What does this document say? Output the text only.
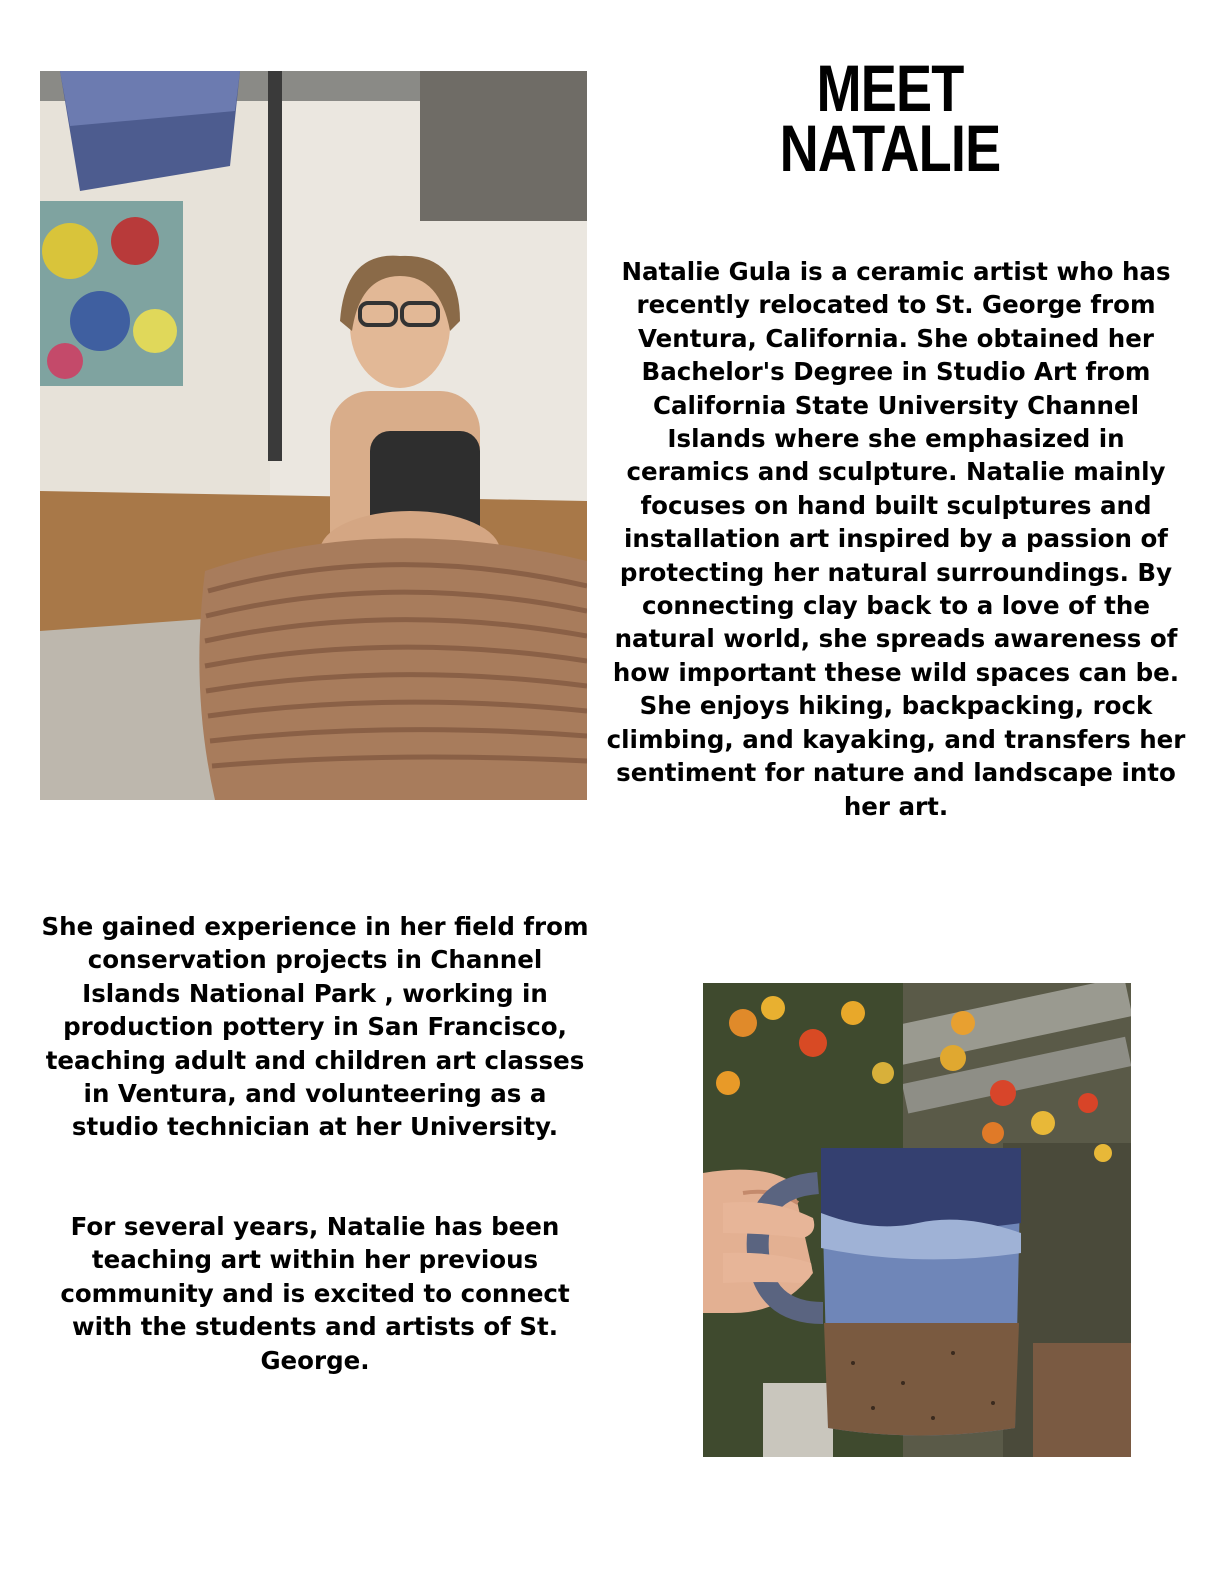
MEET
NATALIE

Natalie Gula is a ceramic artist who has recently relocated to St. George from Ventura, California. She obtained her Bachelor's Degree in Studio Art from California State University Channel Islands where she emphasized in ceramics and sculpture. Natalie mainly focuses on hand built sculptures and installation art inspired by a passion of protecting her natural surroundings. By connecting clay back to a love of the natural world, she spreads awareness of how important these wild spaces can be. She enjoys hiking, backpacking, rock climbing, and kayaking, and transfers her sentiment for nature and landscape into her art.

She gained experience in her field from conservation projects in Channel Islands National Park , working in production pottery in San Francisco, teaching adult and children art classes in Ventura, and volunteering as a studio technician at her University.

For several years, Natalie has been teaching art within her previous community and is excited to connect with the students and artists of St. George.
